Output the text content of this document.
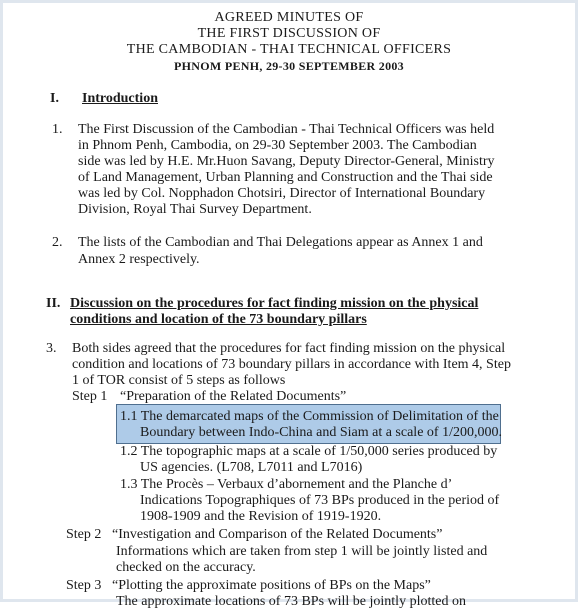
AGREED MINUTES OF
THE FIRST DISCUSSION OF
THE CAMBODIAN - THAI TECHNICAL OFFICERS
PHNOM PENH, 29-30 SEPTEMBER 2003
I. Introduction
1. The First Discussion of the Cambodian - Thai Technical Officers was held
in Phnom Penh, Cambodia, on 29-30 September 2003. The Cambodian
side was led by H.E. Mr.Huon Savang, Deputy Director-General, Ministry
of Land Management, Urban Planning and Construction and the Thai side
was led by Col. Nopphadon Chotsiri, Director of International Boundary
Division, Royal Thai Survey Department.
2. The lists of the Cambodian and Thai Delegations appear as Annex 1 and
Annex 2 respectively.
II. Discussion on the procedures for fact finding mission on the physical
conditions and location of the 73 boundary pillars
3. Both sides agreed that the procedures for fact finding mission on the physical
condition and locations of 73 boundary pillars in accordance with Item 4, Step
1 of TOR consist of 5 steps as follows
Step 1 “Preparation of the Related Documents”
1.1 The demarcated maps of the Commission of Delimitation of the
Boundary between Indo-China and Siam at a scale of 1/200,000.
1.2 The topographic maps at a scale of 1/50,000 series produced by
US agencies. (L708, L7011 and L7016)
1.3 The Procès – Verbaux d’abornement and the Planche d’
Indications Topographiques of 73 BPs produced in the period of
1908-1909 and the Revision of 1919-1920.
Step 2 “Investigation and Comparison of the Related Documents”
Informations which are taken from step 1 will be jointly listed and
checked on the accuracy.
Step 3 “Plotting the approximate positions of BPs on the Maps”
The approximate locations of 73 BPs will be jointly plotted on
